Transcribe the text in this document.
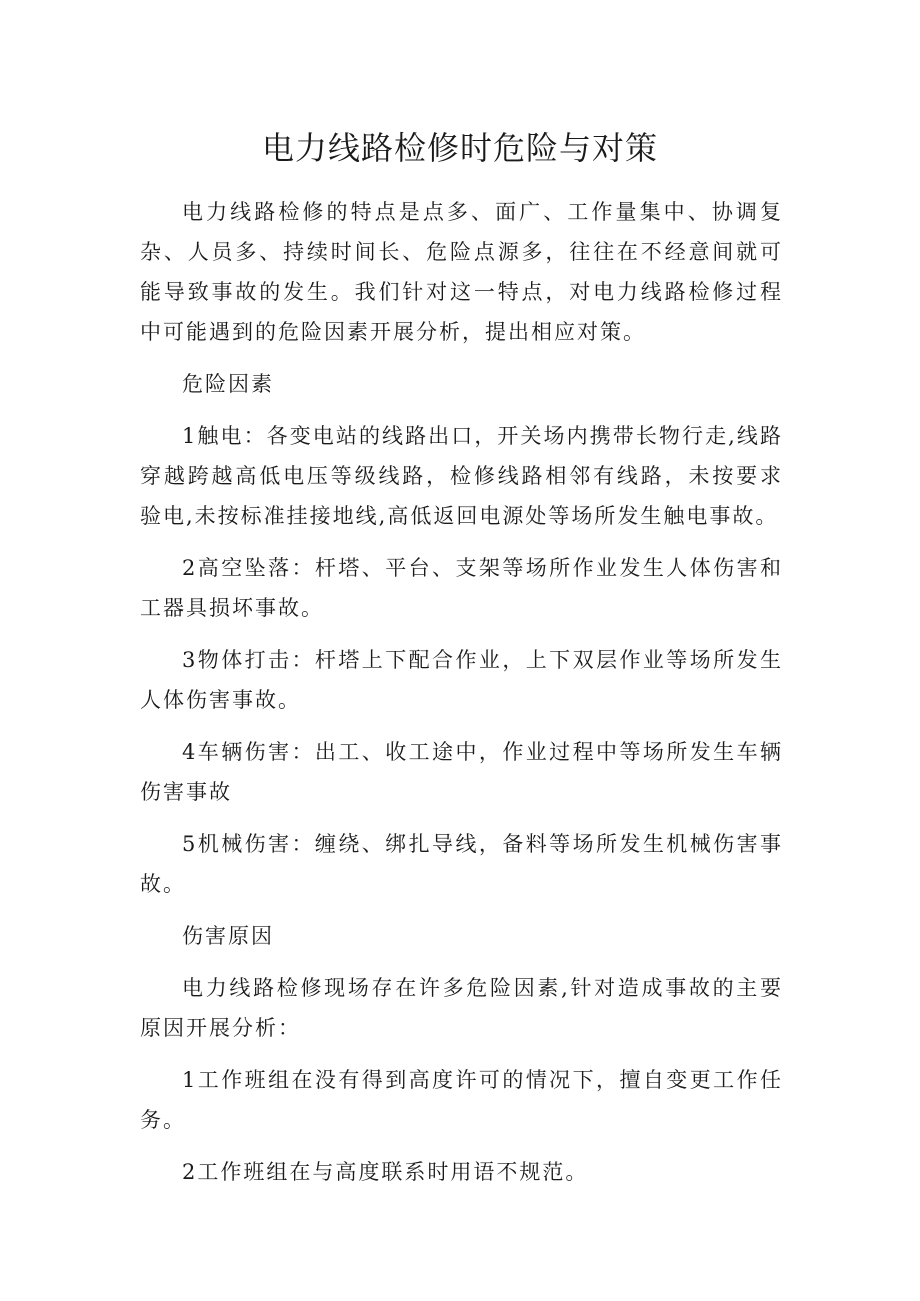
电力线路检修时危险与对策

电力线路检修的特点是点多、面广、工作量集中、协调复杂、人员多、持续时间长、危险点源多，往往在不经意间就可能导致事故的发生。我们针对这一特点，对电力线路检修过程中可能遇到的危险因素开展分析，提出相应对策。

危险因素

1触电：各变电站的线路出口，开关场内携带长物行走,线路穿越跨越高低电压等级线路，检修线路相邻有线路，未按要求验电,未按标准挂接地线,高低返回电源处等场所发生触电事故。

2高空坠落：杆塔、平台、支架等场所作业发生人体伤害和工器具损坏事故。

3物体打击：杆塔上下配合作业，上下双层作业等场所发生人体伤害事故。

4车辆伤害：出工、收工途中，作业过程中等场所发生车辆伤害事故

5机械伤害：缠绕、绑扎导线，备料等场所发生机械伤害事故。

伤害原因

电力线路检修现场存在许多危险因素,针对造成事故的主要原因开展分析：

1工作班组在没有得到高度许可的情况下，擅自变更工作任务。

2工作班组在与高度联系时用语不规范。
